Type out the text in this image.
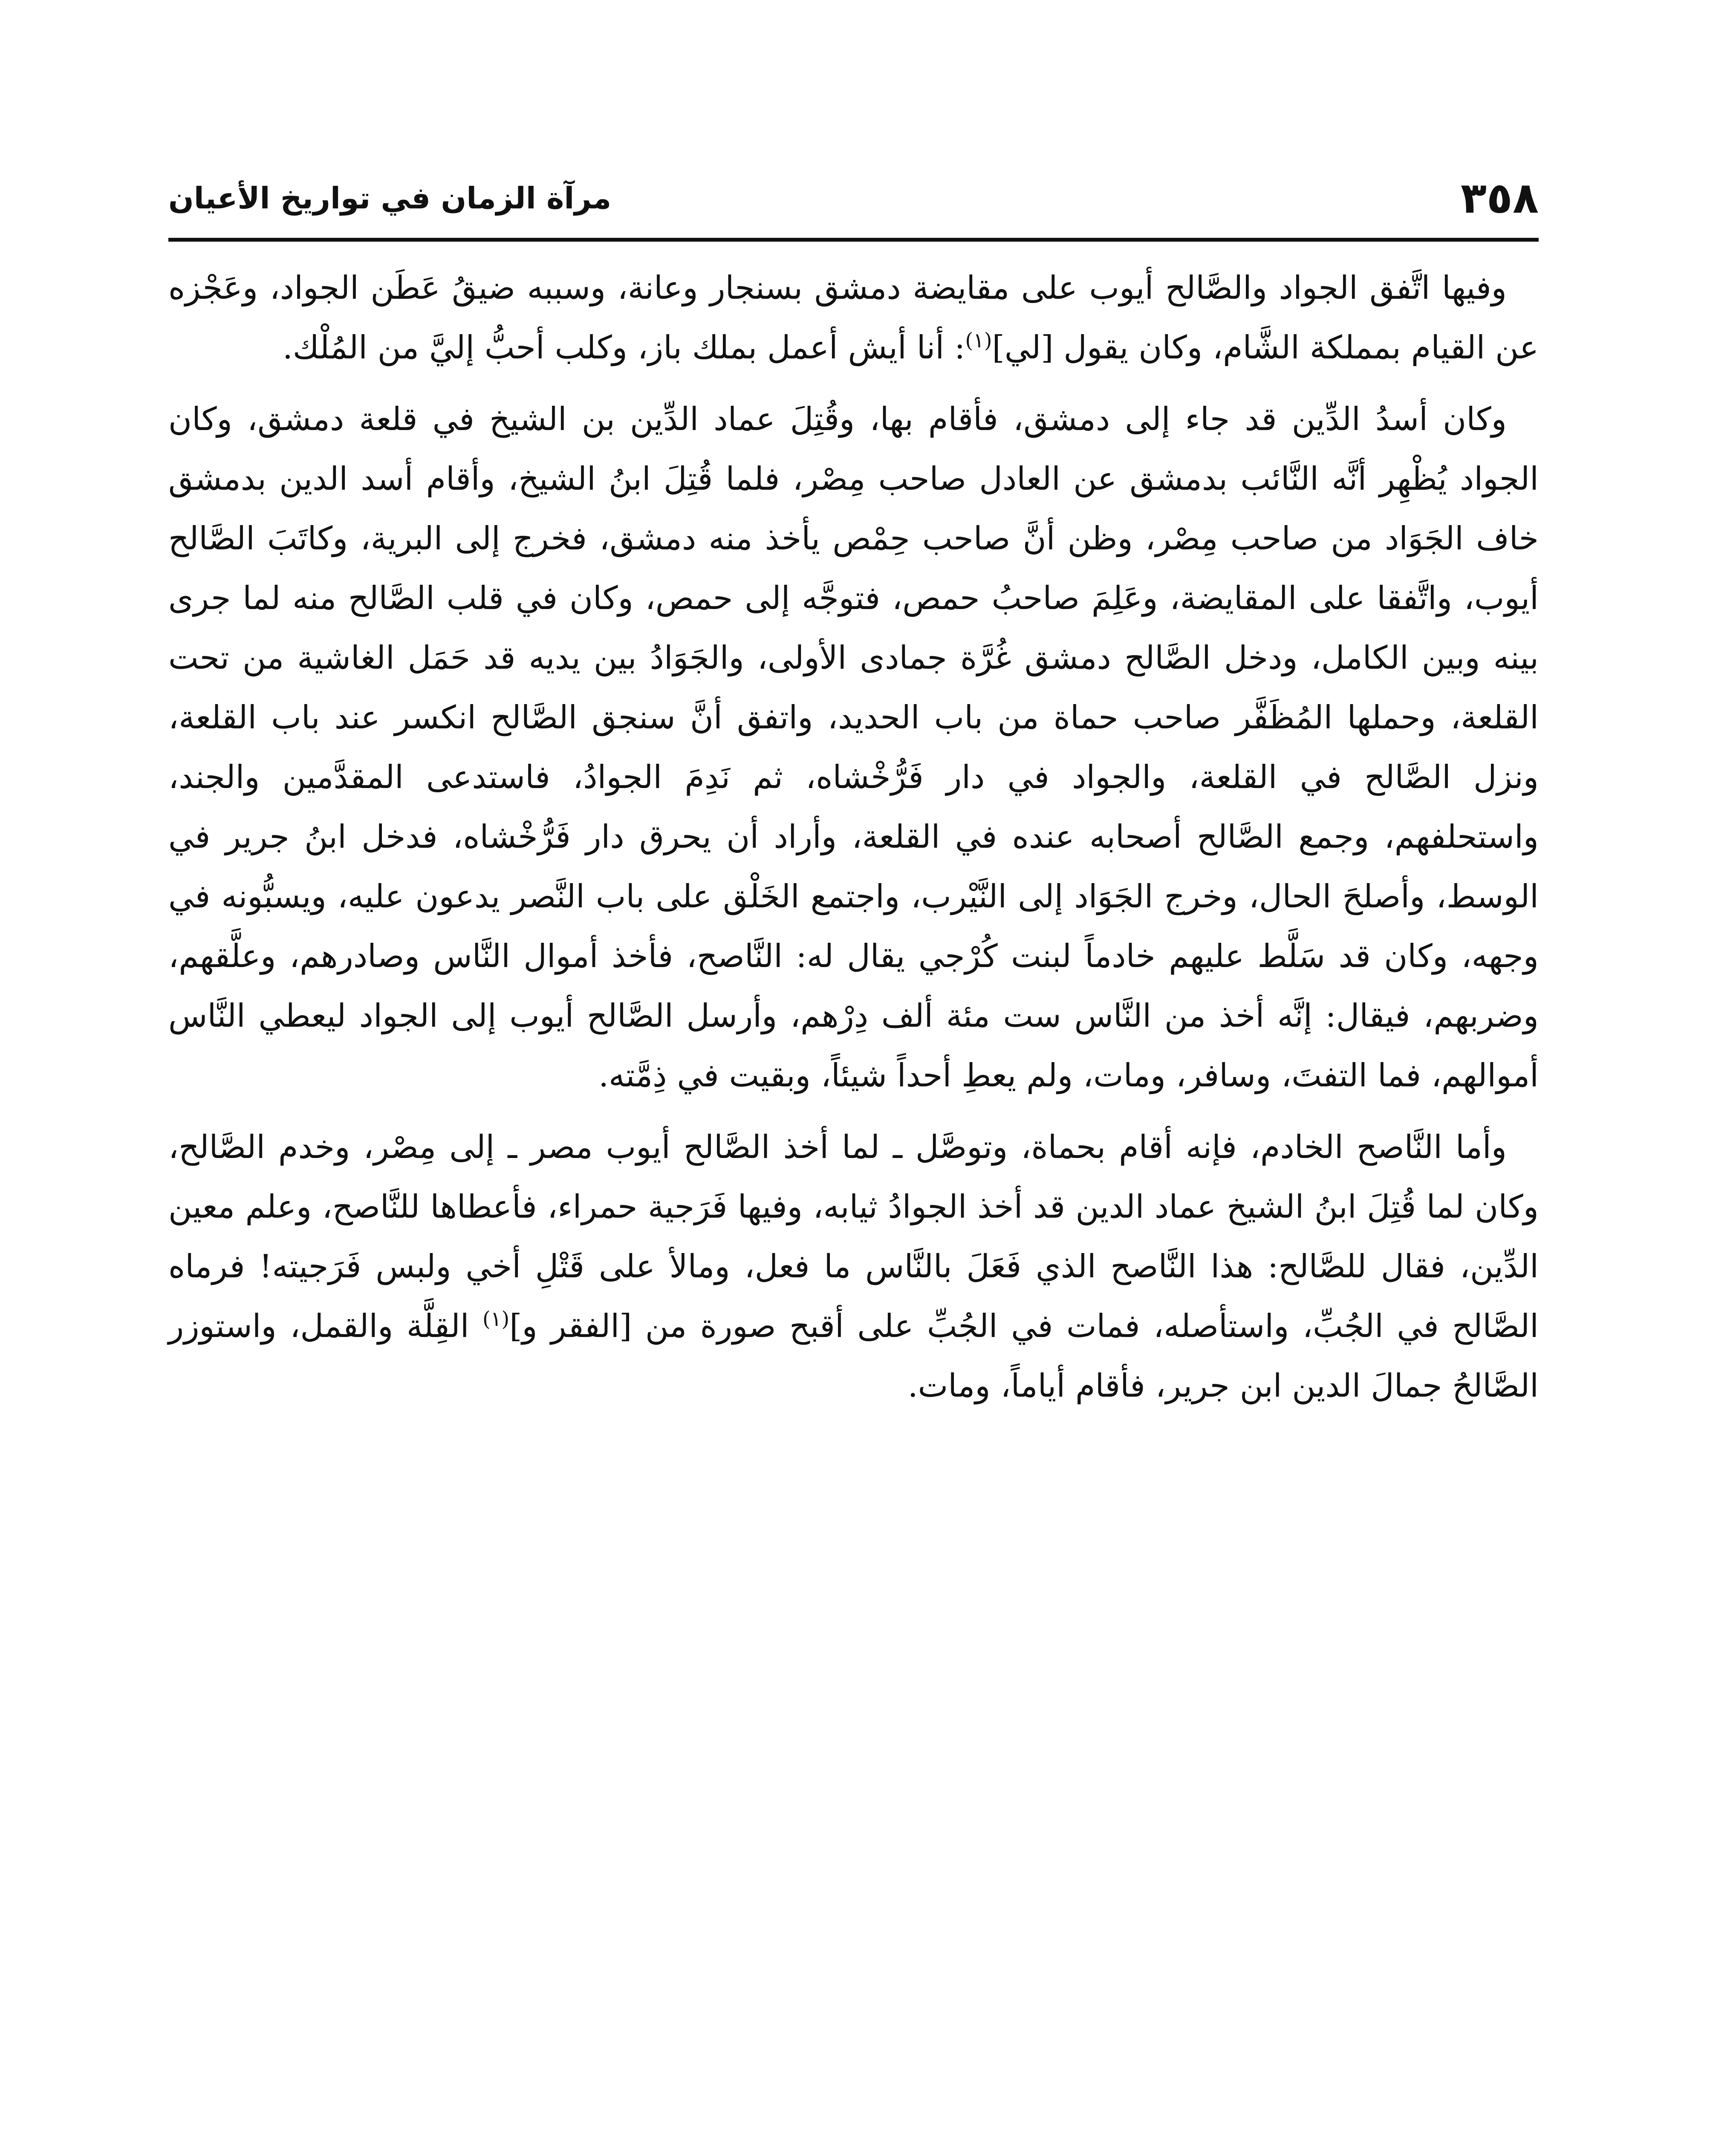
٣٥٨
مرآة الزمان في تواريخ الأعيان

وفيها اتَّفق الجواد والصَّالح أيوب على مقايضة دمشق بسنجار وعانة، وسببه ضيقُ عَطَن الجواد، وعَجْزه عن القيام بمملكة الشَّام، وكان يقول [لي]$^{(١)}$: أنا أيش أعمل بملك باز، وكلب أحبُّ إليَّ من المُلْك.

وكان أسدُ الدِّين قد جاء إلى دمشق، فأقام بها، وقُتِلَ عماد الدِّين بن الشيخ في قلعة دمشق، وكان الجواد يُظْهِر أنَّه النَّائب بدمشق عن العادل صاحب مِصْر، فلما قُتِلَ ابنُ الشيخ، وأقام أسد الدين بدمشق خاف الجَوَاد من صاحب مِصْر، وظن أنَّ صاحب حِمْص يأخذ منه دمشق، فخرج إلى البرية، وكاتَبَ الصَّالح أيوب، واتَّفقا على المقايضة، وعَلِمَ صاحبُ حمص، فتوجَّه إلى حمص، وكان في قلب الصَّالح منه لما جرى بينه وبين الكامل، ودخل الصَّالح دمشق غُرَّة جمادى الأولى، والجَوَادُ بين يديه قد حَمَل الغاشية من تحت القلعة، وحملها المُظَفَّر صاحب حماة من باب الحديد، واتفق أنَّ سنجق الصَّالح انكسر عند باب القلعة، ونزل الصَّالح في القلعة، والجواد في دار فَرُّخْشاه، ثم نَدِمَ الجوادُ، فاستدعى المقدَّمين والجند، واستحلفهم، وجمع الصَّالح أصحابه عنده في القلعة، وأراد أن يحرق دار فَرُّخْشاه، فدخل ابنُ جرير في الوسط، وأصلحَ الحال، وخرج الجَوَاد إلى النَّيْرب، واجتمع الخَلْق على باب النَّصر يدعون عليه، ويسبُّونه في وجهه، وكان قد سَلَّط عليهم خادماً لبنت كُرْجي يقال له: النَّاصح، فأخذ أموال النَّاس وصادرهم، وعلَّقهم، وضربهم، فيقال: إنَّه أخذ من النَّاس ست مئة ألف دِرْهم، وأرسل الصَّالح أيوب إلى الجواد ليعطي النَّاس أموالهم، فما التفتَ، وسافر، ومات، ولم يعطِ أحداً شيئاً، وبقيت في ذِمَّته.

وأما النَّاصح الخادم، فإنه أقام بحماة، وتوصَّل ـ لما أخذ الصَّالح أيوب مصر ـ إلى مِصْر، وخدم الصَّالح، وكان لما قُتِلَ ابنُ الشيخ عماد الدين قد أخذ الجوادُ ثيابه، وفيها فَرَجية حمراء، فأعطاها للنَّاصح، وعلم معين الدِّين، فقال للصَّالح: هذا النَّاصح الذي فَعَلَ بالنَّاس ما فعل، ومالأ على قَتْلِ أخي ولبس فَرَجيته! فرماه الصَّالح في الجُبِّ، واستأصله، فمات في الجُبِّ على أقبح صورة من [الفقر و]$^{(١)}$ القِلَّة والقمل، واستوزر الصَّالحُ جمالَ الدين ابن جرير، فأقام أياماً، ومات.
